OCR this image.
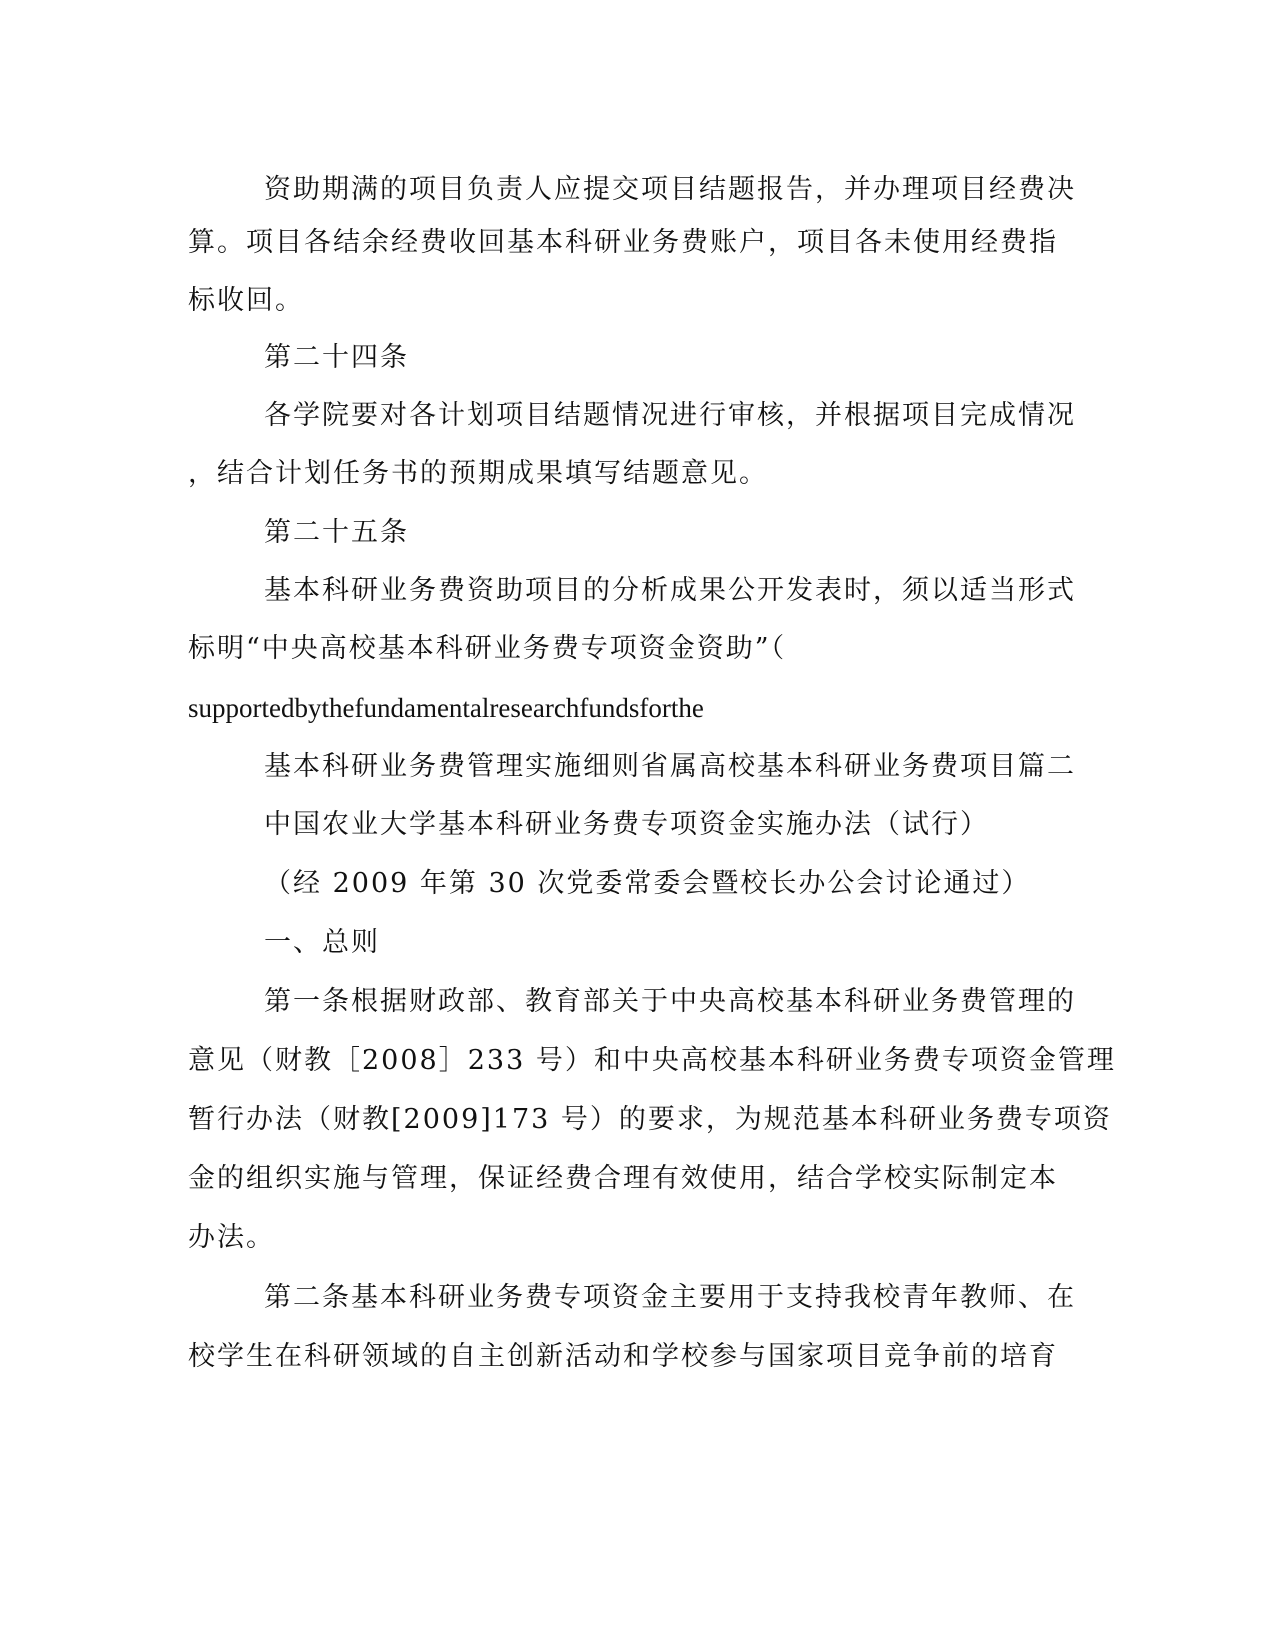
资助期满的项目负责人应提交项目结题报告，并办理项目经费决
算。项目各结余经费收回基本科研业务费账户，项目各未使用经费指
标收回。
第二十四条
各学院要对各计划项目结题情况进行审核，并根据项目完成情况
，结合计划任务书的预期成果填写结题意见。
第二十五条
基本科研业务费资助项目的分析成果公开发表时，须以适当形式
标明“中央高校基本科研业务费专项资金资助”（
supportedbythefundamentalresearchfundsforthe
基本科研业务费管理实施细则省属高校基本科研业务费项目篇二
中国农业大学基本科研业务费专项资金实施办法（试行）
（经 2009 年第 30 次党委常委会暨校长办公会讨论通过）
一、总则
第一条根据财政部、教育部关于中央高校基本科研业务费管理的
意见（财教［2008］233 号）和中央高校基本科研业务费专项资金管理
暂行办法（财教[2009]173 号）的要求，为规范基本科研业务费专项资
金的组织实施与管理，保证经费合理有效使用，结合学校实际制定本
办法。
第二条基本科研业务费专项资金主要用于支持我校青年教师、在
校学生在科研领域的自主创新活动和学校参与国家项目竞争前的培育
